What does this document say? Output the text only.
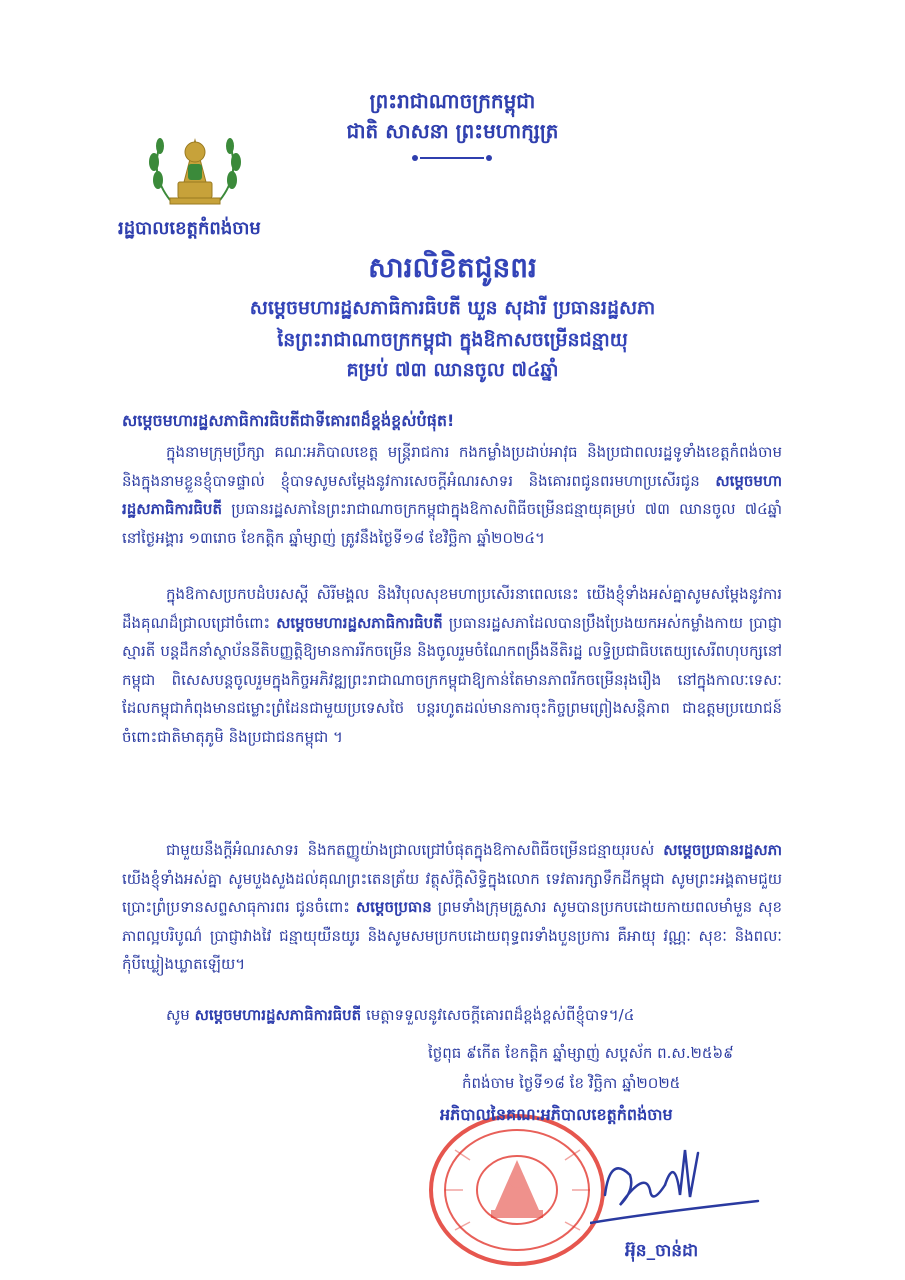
ព្រះរាជាណាចក្រកម្ពុជា
ជាតិ សាសនា ព្រះមហាក្សត្រ
រដ្ឋបាលខេត្តកំពង់ចាម
សារលិខិតជូនពរ
សម្តេចមហារដ្ឋសភាធិការធិបតី ឃួន សុដារី ប្រធានរដ្ឋសភា
នៃព្រះរាជាណាចក្រកម្ពុជា ក្នុងឱកាសចម្រើនជន្មាយុ
គម្រប់ ៧៣ ឈានចូល ៧៤ឆ្នាំ
សម្តេចមហារដ្ឋសភាធិការធិបតីជាទីគោរពដ៏ខ្ពង់ខ្ពស់បំផុត!

ក្នុងនាមក្រុមប្រឹក្សា គណៈអភិបាលខេត្ត មន្ត្រីរាជការ កងកម្លាំងប្រដាប់អាវុធ និងប្រជាពលរដ្ឋទូទាំងខេត្តកំពង់ចាម និងក្នុងនាមខ្លួនខ្ញុំបាទផ្ទាល់ ខ្ញុំបាទសូមសម្តែងនូវការសេចក្តីអំណរសាទរ និងគោរពជូនពរមហាប្រសើរជូន សម្តេចមហារដ្ឋសភាធិការធិបតី ប្រធានរដ្ឋសភានៃព្រះរាជាណាចក្រកម្ពុជាក្នុងឱកាសពិធីចម្រើនជន្មាយុគម្រប់ ៧៣ ឈានចូល ៧៤ឆ្នាំ នៅថ្ងៃអង្គារ ១៣រោច ខែកត្តិក ឆ្នាំម្សាញ់ ត្រូវនឹងថ្ងៃទី១៨ ខែវិច្ឆិកា ឆ្នាំ២០២៤។

ក្នុងឱកាសប្រកបដំបរសស្តី សិរីមង្គល និងវិបុលសុខមហាប្រសើរនាពេលនេះ យើងខ្ញុំទាំងអស់គ្នាសូមសម្តែងនូវការដឹងគុណដ៏ជ្រាលជ្រៅចំពោះ សម្តេចមហារដ្ឋសភាធិការធិបតី ប្រធានរដ្ឋសភាដែលបានប្រឹងប្រែងយកអស់កម្លាំងកាយ ប្រាជ្ញាស្មារតី បន្តដឹកនាំស្ថាប័ននីតិបញ្ញត្តិឱ្យមានការរីកចម្រើន និងចូលរួមចំណែកពង្រឹងនីតិរដ្ឋ លទ្ធិប្រជាធិបតេយ្យសេរីពហុបក្សនៅកម្ពុជា ពិសេសបន្តចូលរួមក្នុងកិច្ចអភិវឌ្ឍព្រះរាជាណាចក្រកម្ពុជាឱ្យកាន់តែមានភាពរីកចម្រើនរុងរឿង នៅក្នុងកាលៈទេសៈ ដែលកម្ពុជាកំពុងមានជម្លោះព្រំដែនជាមួយប្រទេសថៃ បន្តរហូតដល់មានការចុះកិច្ចព្រមព្រៀងសន្តិភាព ជាឧត្តមប្រយោជន៍ចំពោះជាតិមាតុភូមិ និងប្រជាជនកម្ពុជា ។

ជាមួយនឹងក្តីអំណរសាទរ និងកតញ្ញូយ៉ាងជ្រាលជ្រៅបំផុតក្នុងឱកាសពិធីចម្រើនជន្មាយុរបស់ សម្តេចប្រធានរដ្ឋសភា យើងខ្ញុំទាំងអស់គ្នា សូមបួងសួងដល់គុណព្រះតេនត្រ័យ វត្ថុស័ក្តិសិទ្ធិក្នុងលោក ទេវតារក្សាទឹកដីកម្ពុជា សូមព្រះអង្គតាមជួយប្រោះព្រំប្រទានសព្ទសាធុការពរ ជូនចំពោះ សម្តេចប្រធាន ព្រមទាំងក្រុមគ្រួសារ សូមបានប្រកបដោយកាយពលមាំមួន សុខភាពល្អបរិបូណ៌ ប្រាជ្ញាវាងវៃ ជន្មាយុយឺនយូរ និងសូមសមប្រកបដោយពុទ្ធពរទាំងបួនប្រការ គឺអាយុ វណ្ណៈ សុខៈ និងពលៈ កុំបីឃ្លៀងឃ្លាតឡើយ។

សូម សម្តេចមហារដ្ឋសភាធិការធិបតី មេត្តាទទួលនូវសេចក្តីគោរពដ៏ខ្ពង់ខ្ពស់ពីខ្ញុំបាទ។/៤
ថ្ងៃពុធ ៩កើត ខែកត្តិក ឆ្នាំម្សាញ់ សប្តស័ក ព.ស.២៥៦៩
កំពង់ចាម ថ្ងៃទី១៨ ខែ វិច្ឆិកា ឆ្នាំ២០២៥
អភិបាលនៃគណៈអភិបាលខេត្តកំពង់ចាម
អ៊ុន_ចាន់ដា
